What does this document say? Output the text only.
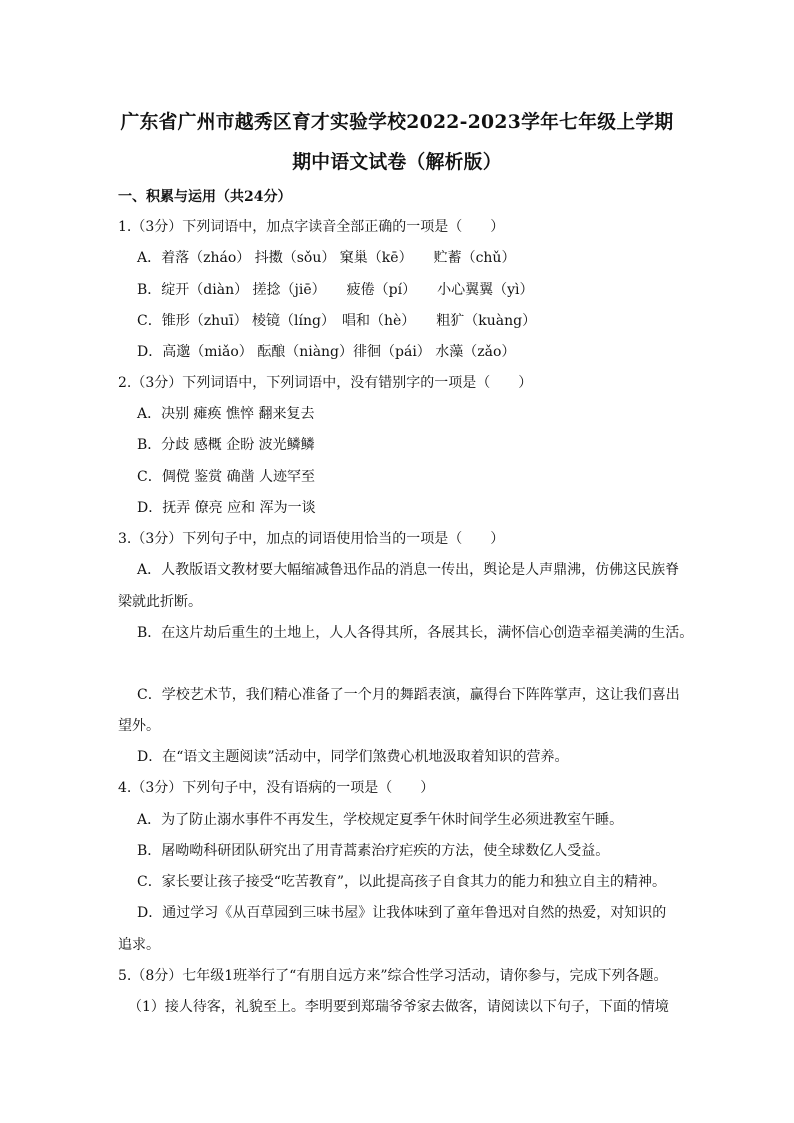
广东省广州市越秀区育才实验学校2022-2023学年七年级上学期
期中语文试卷（解析版）
一、积累与运用（共24分）
1.（3分）下列词语中，加点字读音全部正确的一项是（　　）
A．着落（zháo） 抖擞（sǒu） 窠巢（kē）　　贮蓄（chǔ）
B．绽开（diàn） 搓捻（jiē）　　疲倦（pí）　　小心翼翼（yì）
C．锥形（zhuī） 棱镜（líng）　唱和（hè）　　粗犷（kuàng）
D．高邈（miǎo） 酝酿（niàng）徘徊（pái） 水藻（zǎo）
2.（3分）下列词语中，下列词语中，没有错别字的一项是（　　）
A．决别 瘫痪 憔悴 翻来复去
B．分歧 感概 企盼 波光鳞鳞
C．倜傥 鉴赏 确凿 人迹罕至
D．抚弄 僚亮 应和 浑为一谈
3.（3分）下列句子中，加点的词语使用恰当的一项是（　　）
A．人教版语文教材要大幅缩减鲁迅作品的消息一传出，舆论是人声鼎沸，仿佛这民族脊
梁就此折断。
B．在这片劫后重生的土地上，人人各得其所，各展其长，满怀信心创造幸福美满的生活。
C．学校艺术节，我们精心准备了一个月的舞蹈表演，赢得台下阵阵掌声，这让我们喜出
望外。
D．在“语文主题阅读”活动中，同学们煞费心机地汲取着知识的营养。
4.（3分）下列句子中，没有语病的一项是（　　）
A．为了防止溺水事件不再发生，学校规定夏季午休时间学生必须进教室午睡。
B．屠呦呦科研团队研究出了用青蒿素治疗疟疾的方法，使全球数亿人受益。
C．家长要让孩子接受“吃苦教育”，以此提高孩子自食其力的能力和独立自主的精神。
D．通过学习《从百草园到三味书屋》让我体味到了童年鲁迅对自然的热爱，对知识的
追求。
5.（8分）七年级1班举行了“有朋自远方来”综合性学习活动，请你参与，完成下列各题。
（1）接人待客，礼貌至上。李明要到郑瑞爷爷家去做客，请阅读以下句子，下面的情境
